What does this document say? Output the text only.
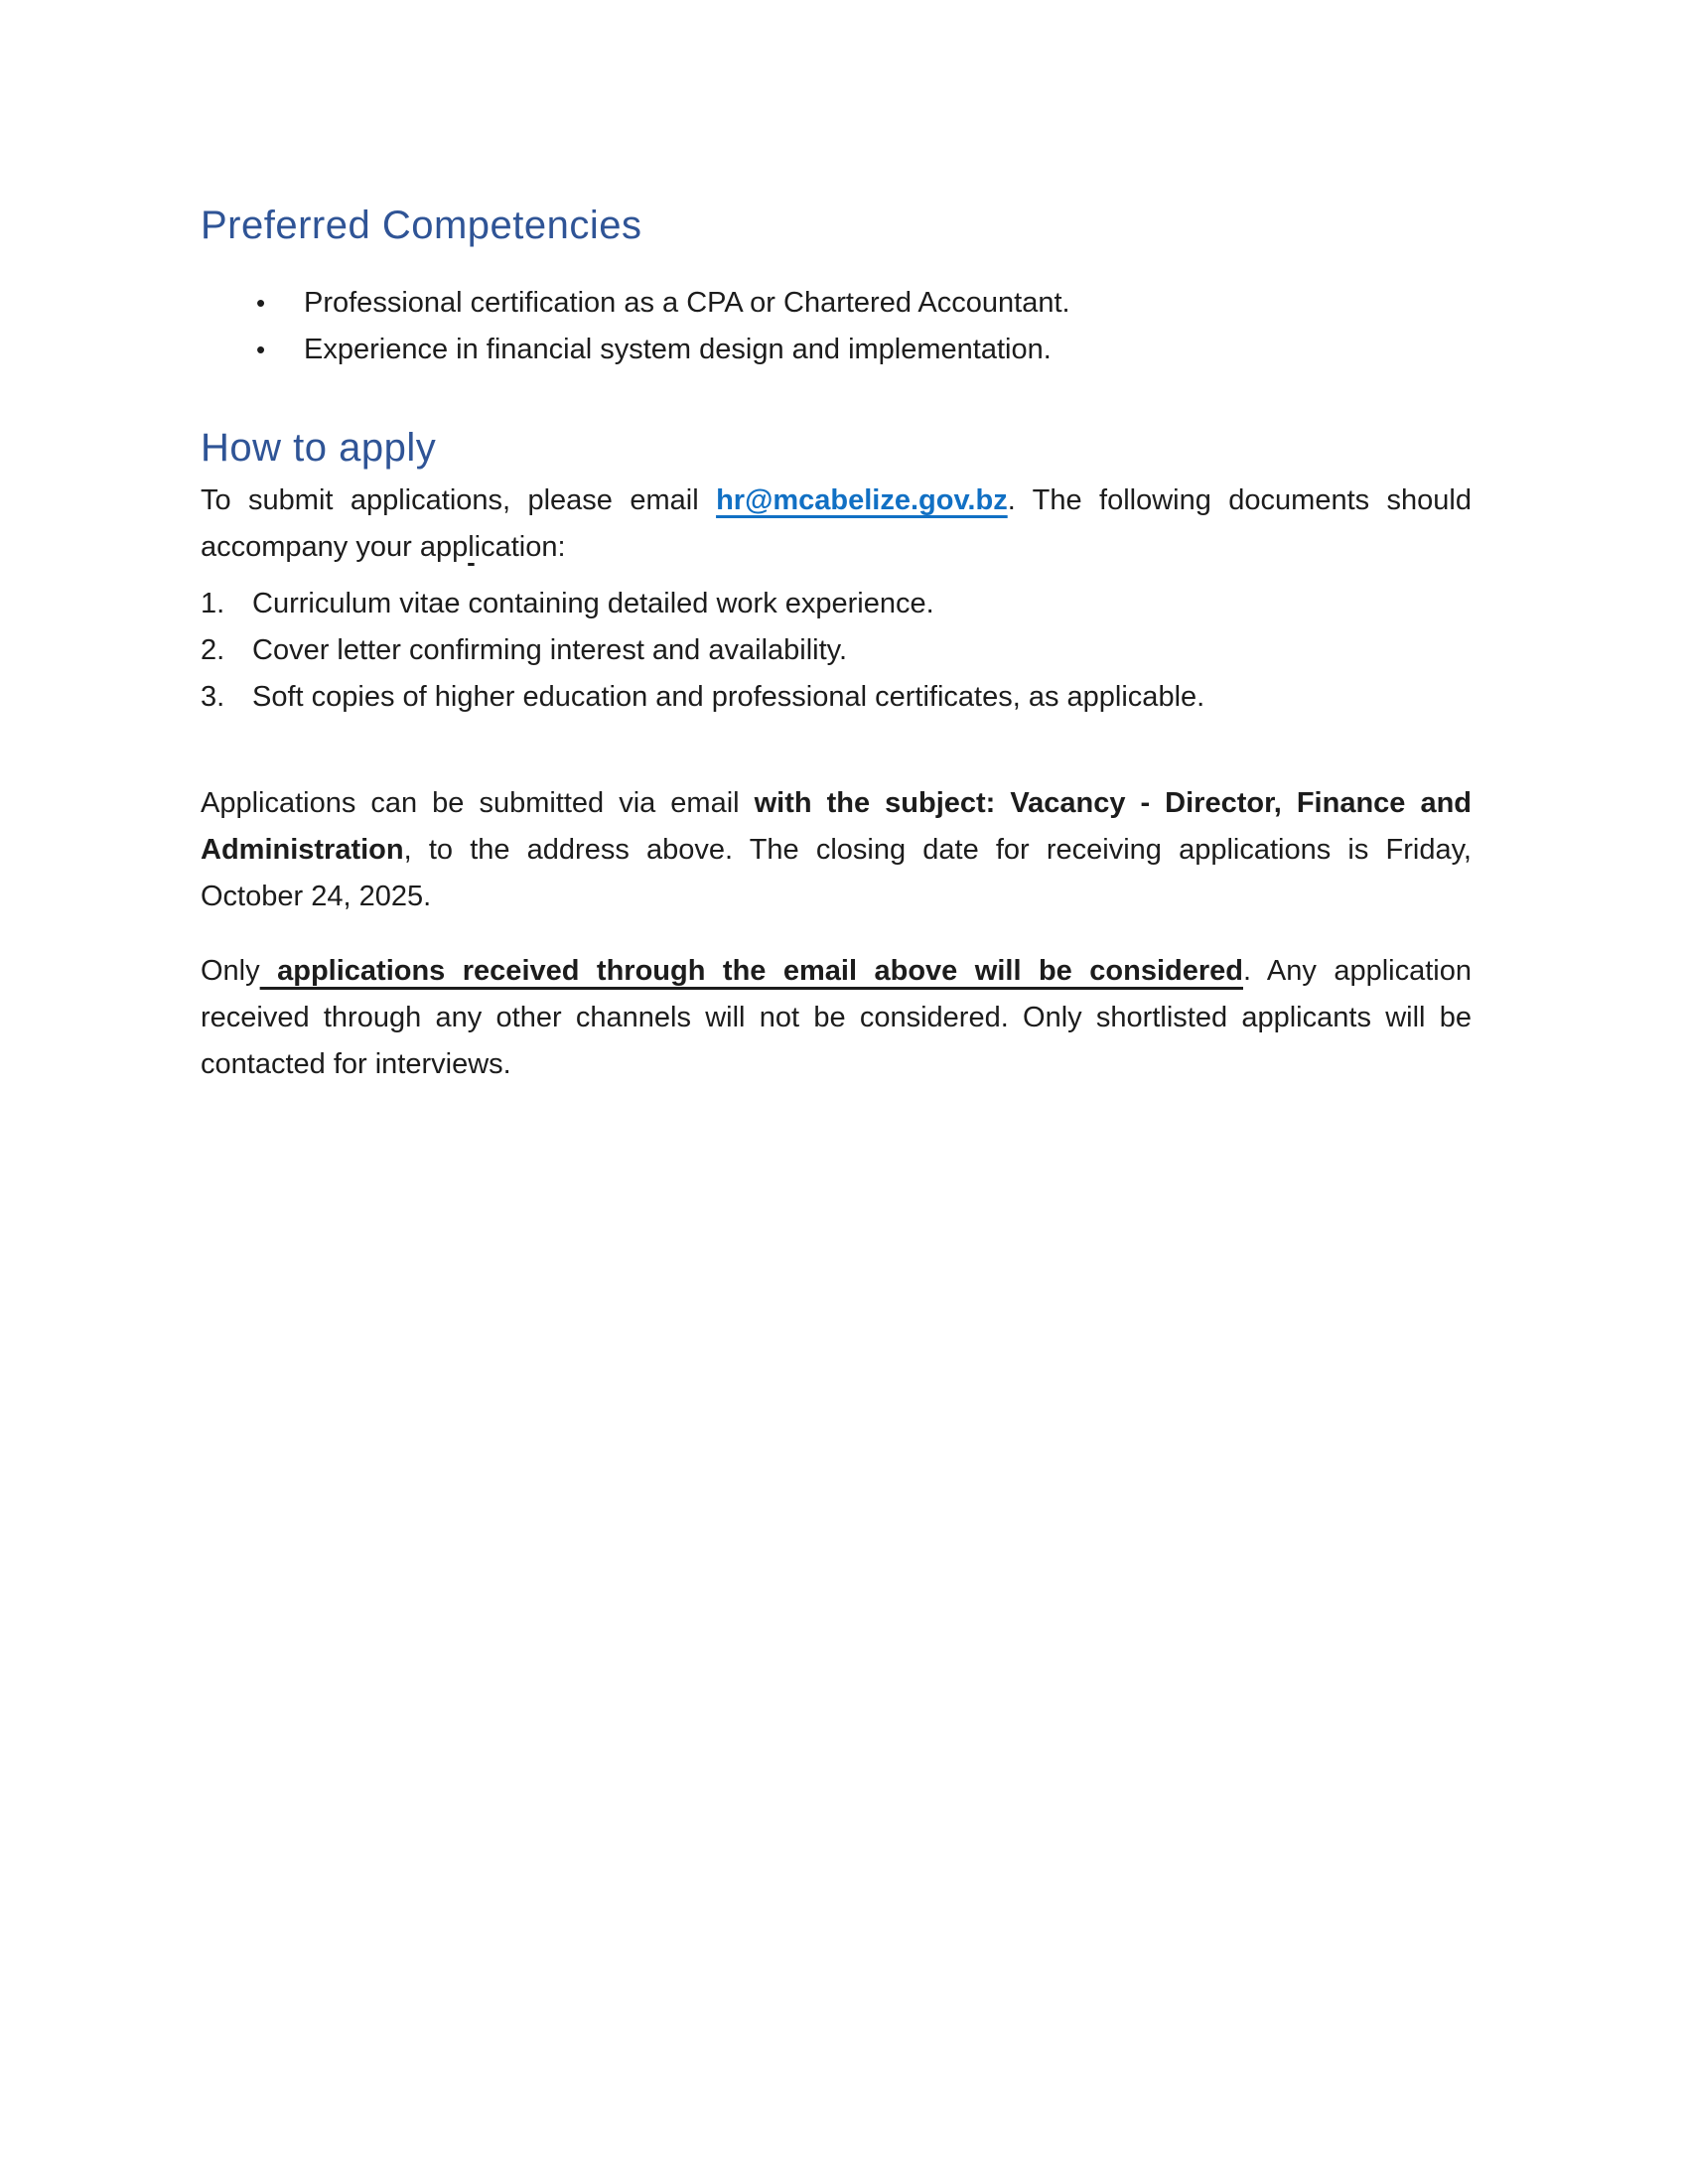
Preferred Competencies
• Professional certification as a CPA or Chartered Accountant.
• Experience in financial system design and implementation.
How to apply

To submit applications, please email hr@mcabelize.gov.bz. The following documents should accompany your application:

1. Curriculum vitae containing detailed work experience.
2. Cover letter confirming interest and availability.
3. Soft copies of higher education and professional certificates, as applicable.

Applications can be submitted via email with the subject: Vacancy - Director, Finance and Administration, to the address above. The closing date for receiving applications is Friday, October 24, 2025.

Only applications received through the email above will be considered. Any application received through any other channels will not be considered. Only shortlisted applicants will be contacted for interviews.
